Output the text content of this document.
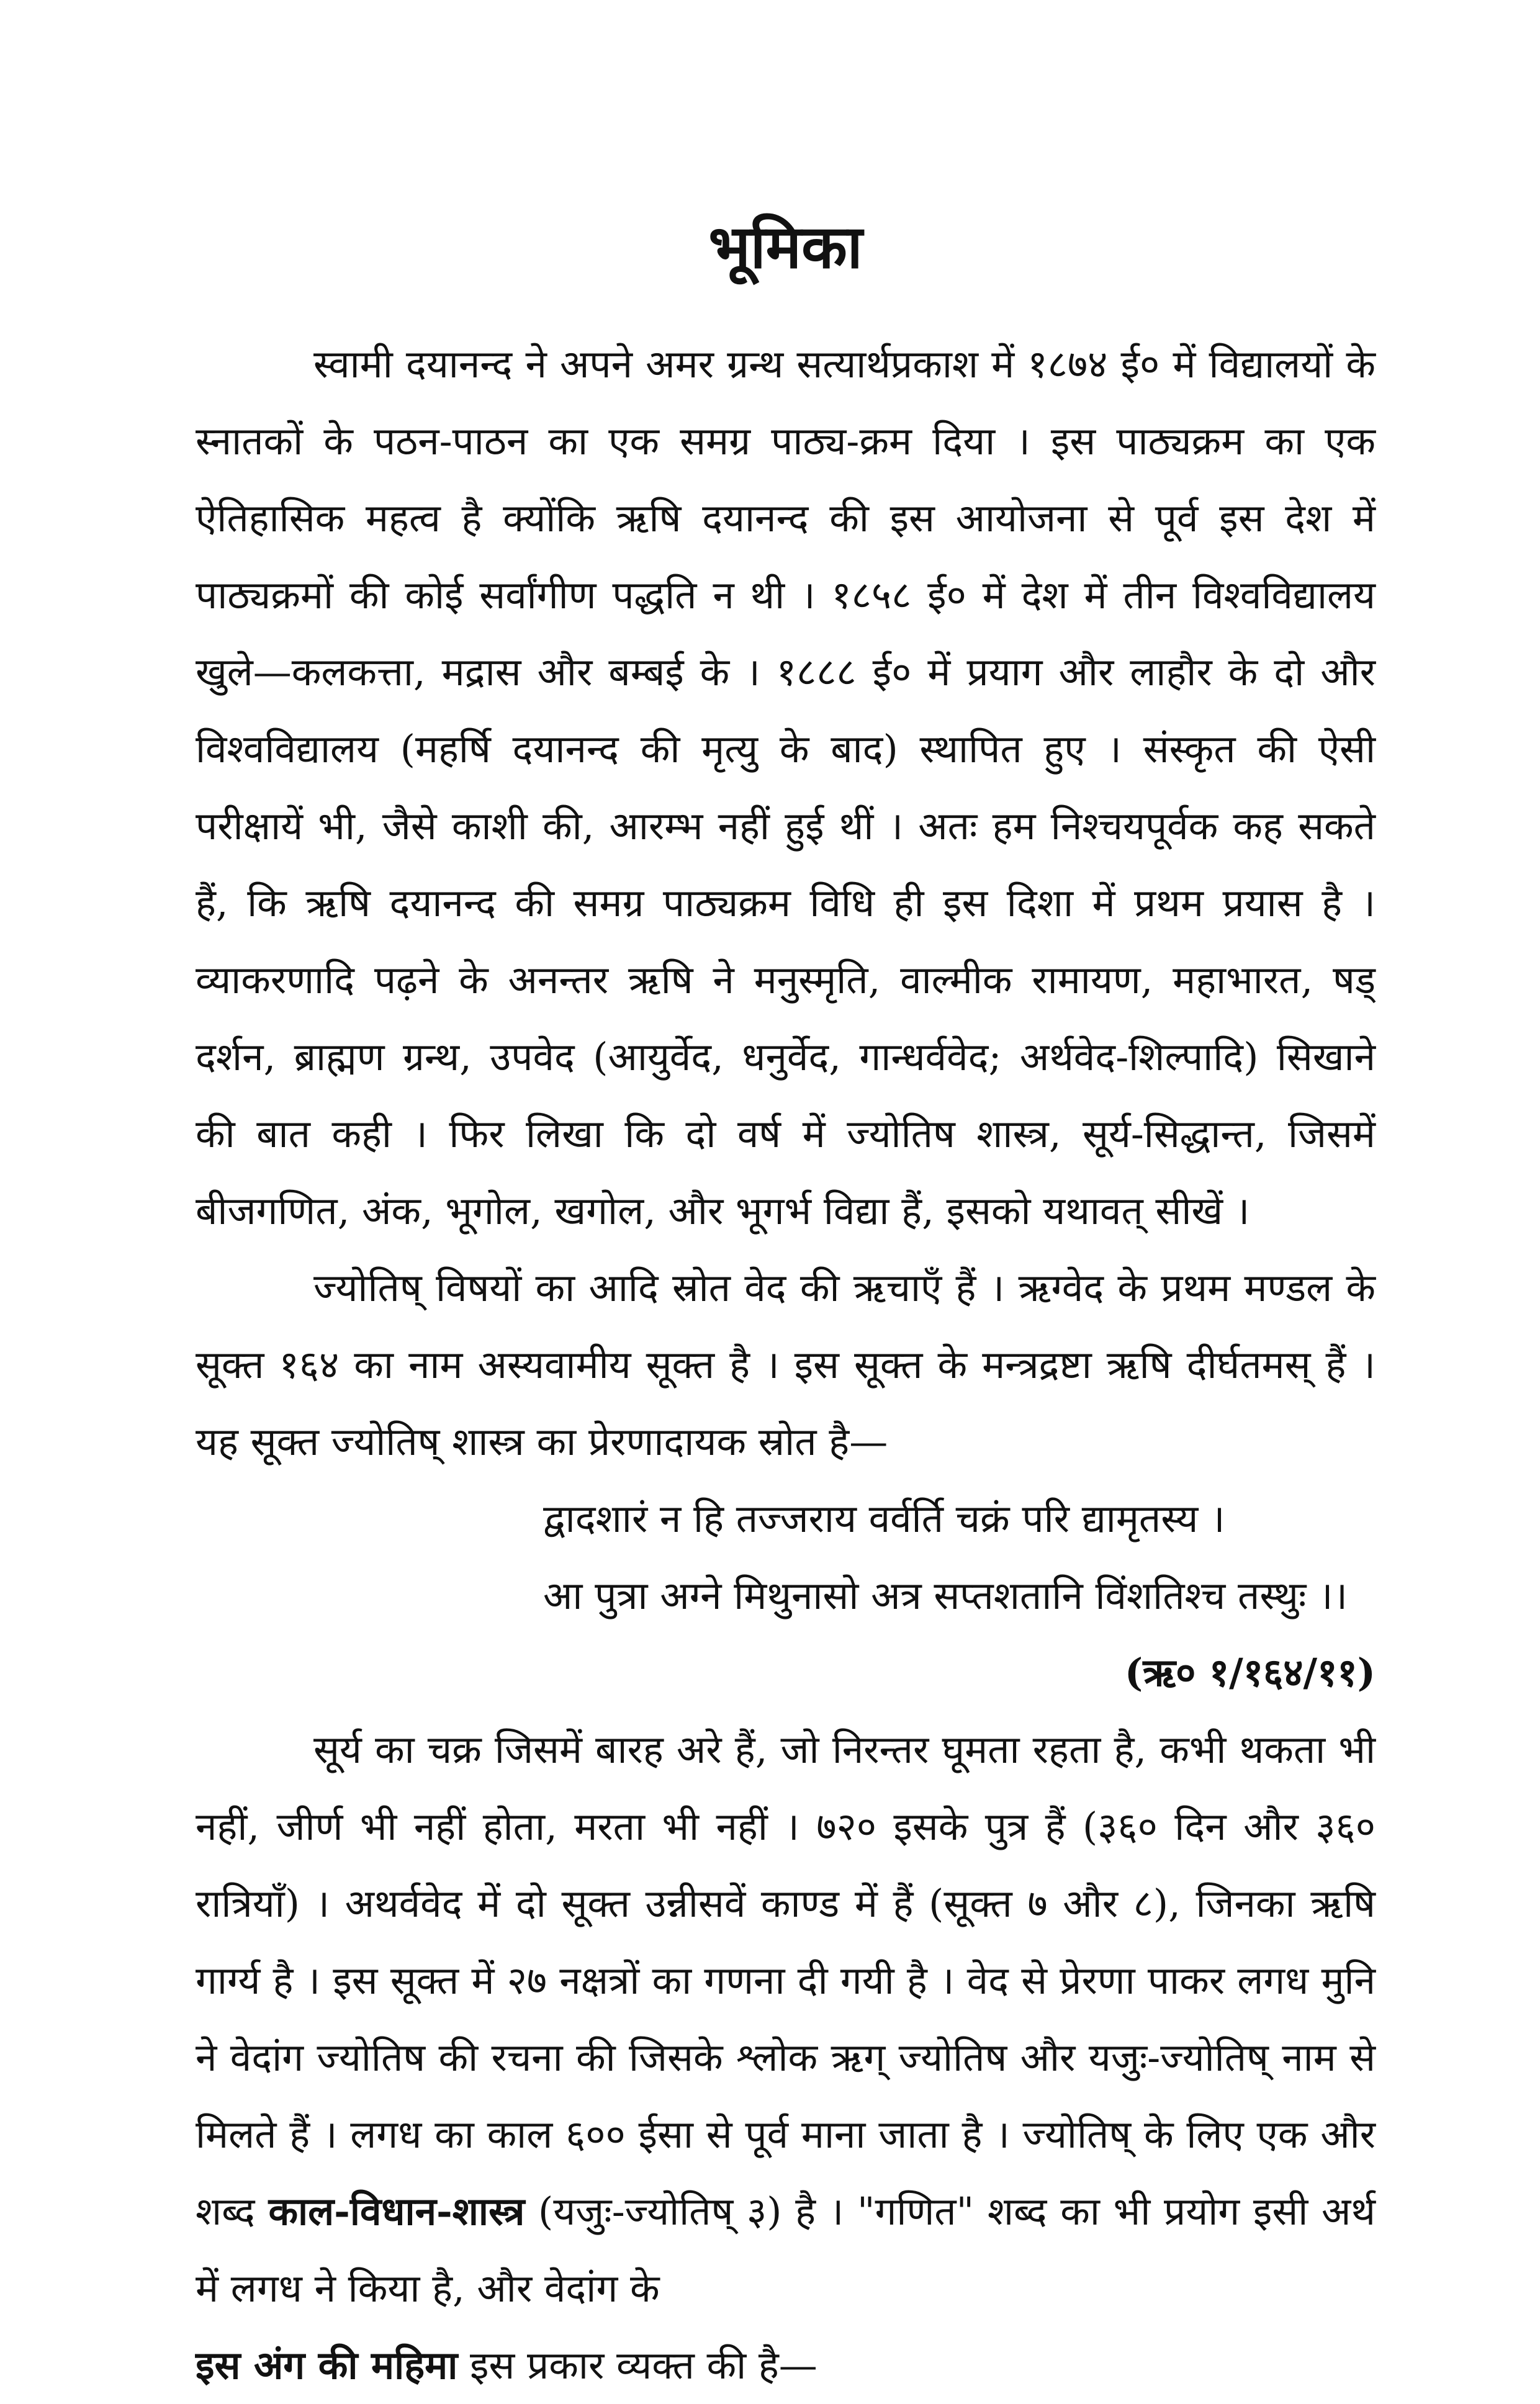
भूमिका

स्वामी दयानन्द ने अपने अमर ग्रन्थ सत्यार्थप्रकाश में १८७४ ई० में विद्यालयों के स्नातकों के पठन-पाठन का एक समग्र पाठ्य-क्रम दिया । इस पाठ्यक्रम का एक ऐतिहासिक महत्व है क्योंकि ऋषि दयानन्द की इस आयोजना से पूर्व इस देश में पाठ्यक्रमों की कोई सर्वांगीण पद्धति न थी । १८५८ ई० में देश में तीन विश्वविद्यालय खुले—कलकत्ता, मद्रास और बम्बई के । १८८८ ई० में प्रयाग और लाहौर के दो और विश्वविद्यालय (महर्षि दयानन्द की मृत्यु के बाद) स्थापित हुए । संस्कृत की ऐसी परीक्षायें भी, जैसे काशी की, आरम्भ नहीं हुई थीं । अतः हम निश्चयपूर्वक कह सकते हैं, कि ऋषि दयानन्द की समग्र पाठ्यक्रम विधि ही इस दिशा में प्रथम प्रयास है । व्याकरणादि पढ़ने के अनन्तर ऋषि ने मनुस्मृति, वाल्मीक रामायण, महाभारत, षड् दर्शन, ब्राह्मण ग्रन्थ, उपवेद (आयुर्वेद, धनुर्वेद, गान्धर्ववेद; अर्थवेद-शिल्पादि) सिखाने की बात कही । फिर लिखा कि दो वर्ष में ज्योतिष शास्त्र, सूर्य-सिद्धान्त, जिसमें बीजगणित, अंक, भूगोल, खगोल, और भूगर्भ विद्या हैं, इसको यथावत् सीखें ।

ज्योतिष् विषयों का आदि स्रोत वेद की ऋचाएँ हैं । ऋग्वेद के प्रथम मण्डल के सूक्त १६४ का नाम अस्यवामीय सूक्त है । इस सूक्त के मन्त्रद्रष्टा ऋषि दीर्घतमस् हैं । यह सूक्त ज्योतिष् शास्त्र का प्रेरणादायक स्रोत है—

द्वादशारं न हि तज्जराय वर्वर्ति चक्रं परि द्यामृतस्य ।

आ पुत्रा अग्ने मिथुनासो अत्र सप्तशतानि विंशतिश्च तस्थुः ।।

(ऋ० १/१६४/११)

सूर्य का चक्र जिसमें बारह अरे हैं, जो निरन्तर घूमता रहता है, कभी थकता भी नहीं, जीर्ण भी नहीं होता, मरता भी नहीं । ७२० इसके पुत्र हैं (३६० दिन और ३६० रात्रियाँ) । अथर्ववेद में दो सूक्त उन्नीसवें काण्ड में हैं (सूक्त ७ और ८), जिनका ऋषि गार्ग्य है । इस सूक्त में २७ नक्षत्रों का गणना दी गयी है । वेद से प्रेरणा पाकर लगध मुनि ने वेदांग ज्योतिष की रचना की जिसके श्लोक ऋग् ज्योतिष और यजुः-ज्योतिष् नाम से मिलते हैं । लगध का काल ६०० ईसा से पूर्व माना जाता है । ज्योतिष् के लिए एक और शब्द काल-विधान-शास्त्र (यजुः-ज्योतिष् ३) है । "गणित" शब्द का भी प्रयोग इसी अर्थ में लगध ने किया है, और वेदांग के
इस अंग की महिमा इस प्रकार व्यक्त की है—
